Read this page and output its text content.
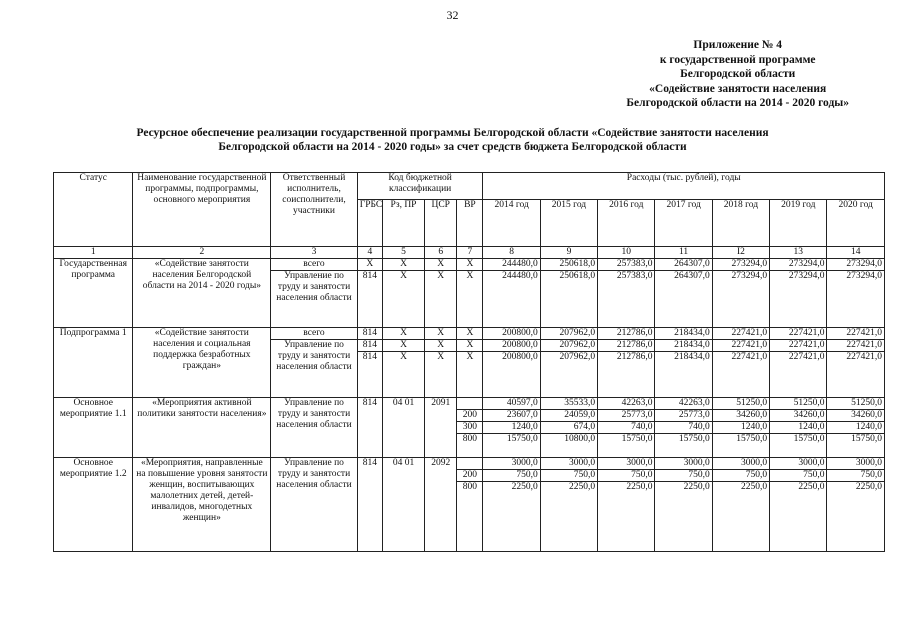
32
Приложение № 4
к государственной программе
Белгородской области
«Содействие занятости населения
Белгородской области на 2014 - 2020 годы»
Ресурсное обеспечение реализации государственной программы Белгородской области «Содействие занятости населения
Белгородской области на 2014 - 2020 годы» за счет средств бюджета Белгородской области
Статус	Наименование государственной программы, подпрограммы, основного мероприятия	Ответственный исполнитель, соисполнители, участники	Код бюджетной классификации				Расходы (тыс. рублей), годы						
			ГРБС	Рз, ПР	ЦСР	ВР	2014 год	2015 год	2016 год	2017 год	2018 год	2019 год	2020 год
1	2	3	4	5	6	7	8	9	10	11	I2	13	14
Государственная программа	«Содействие занятости населения Белгородской области на 2014 - 2020 годы»	всего	X	X	X	X	244480,0	250618,0	257383,0	264307,0	273294,0	273294,0	273294,0
		Управление по труду и занятости населения области	814	X	X	X	244480,0	250618,0	257383,0	264307,0	273294,0	273294,0	273294,0
Подпрограмма 1	«Содействие занятости населения и социальная поддержка безработных граждан»	всего	814	X	X	X	200800,0	207962,0	212786,0	218434,0	227421,0	227421,0	227421,0
		Управление по труду и занятости населения области	814	X	X	X	200800,0	207962,0	212786,0	218434,0	227421,0	227421,0	227421,0
			814	X	X	X	200800,0	207962,0	212786,0	218434,0	227421,0	227421,0	227421,0
Основное мероприятие 1.1	«Мероприятия активной политики занятости населения»	Управление по труду и занятости населения области	814	04 01	2091		40597,0	35533,0	42263,0	42263,0	51250,0	51250,0	51250,0
						200	23607,0	24059,0	25773,0	25773,0	34260,0	34260,0	34260,0
						300	1240,0	674,0	740,0	740,0	1240,0	1240,0	1240,0
						800	15750,0	10800,0	15750,0	15750,0	15750,0	15750,0	15750,0
Основное мероприятие 1.2	«Мероприятия, направленные на повышение уровня занятости женщин, воспитывающих малолетних детей, детей-инвалидов, многодетных женщин»	Управление по труду и занятости населения области	814	04 01	2092		3000,0	3000,0	3000,0	3000,0	3000,0	3000,0	3000,0
						200	750,0	750,0	750,0	750,0	750,0	750,0	750,0
						800	2250,0	2250,0	2250,0	2250,0	2250,0	2250,0	2250,0
